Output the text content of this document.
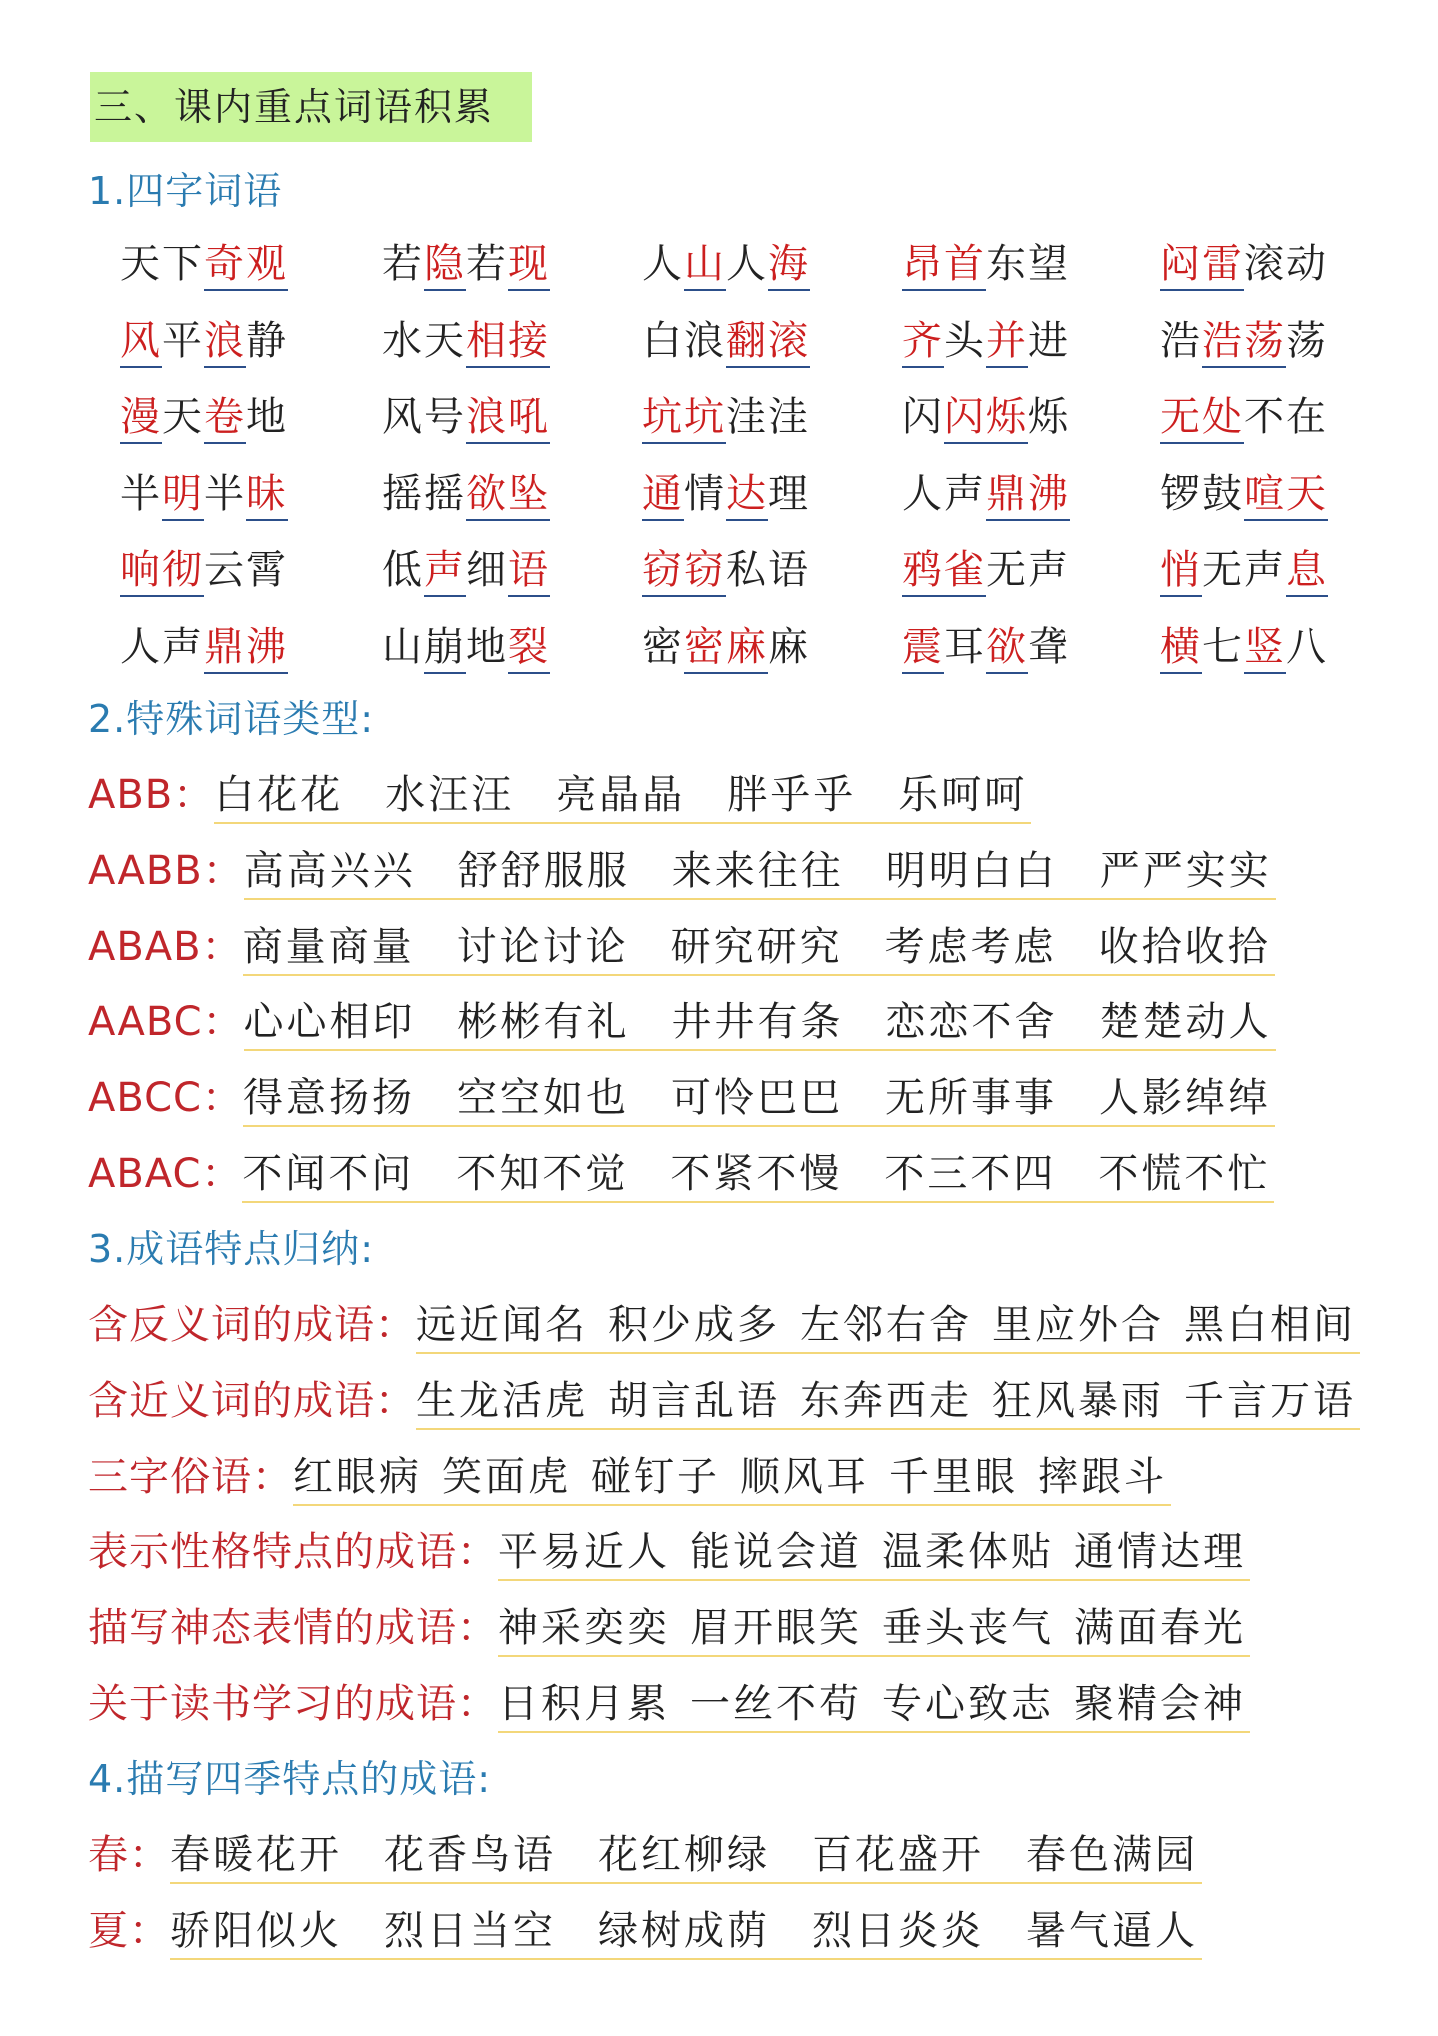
三、课内重点词语积累
1.四字词语
天下奇观 若隐若现 人山人海 昂首东望 闷雷滚动
风平浪静 水天相接 白浪翻滚 齐头并进 浩浩荡荡
漫天卷地 风号浪吼 坑坑洼洼 闪闪烁烁 无处不在
半明半昧 摇摇欲坠 通情达理 人声鼎沸 锣鼓喧天
响彻云霄 低声细语 窃窃私语 鸦雀无声 悄无声息
人声鼎沸 山崩地裂 密密麻麻 震耳欲聋 横七竖八
2.特殊词语类型:
ABB：白花花 水汪汪 亮晶晶 胖乎乎 乐呵呵
AABB：高高兴兴 舒舒服服 来来往往 明明白白 严严实实
ABAB：商量商量 讨论讨论 研究研究 考虑考虑 收拾收拾
AABC：心心相印 彬彬有礼 井井有条 恋恋不舍 楚楚动人
ABCC：得意扬扬 空空如也 可怜巴巴 无所事事 人影绰绰
ABAC：不闻不问 不知不觉 不紧不慢 不三不四 不慌不忙
3.成语特点归纳:
含反义词的成语：远近闻名 积少成多 左邻右舍 里应外合 黑白相间
含近义词的成语：生龙活虎 胡言乱语 东奔西走 狂风暴雨 千言万语
三字俗语：红眼病 笑面虎 碰钉子 顺风耳 千里眼 摔跟斗
表示性格特点的成语：平易近人 能说会道 温柔体贴 通情达理
描写神态表情的成语：神采奕奕 眉开眼笑 垂头丧气 满面春光
关于读书学习的成语：日积月累 一丝不苟 专心致志 聚精会神
4.描写四季特点的成语:
春：春暖花开 花香鸟语 花红柳绿 百花盛开 春色满园
夏：骄阳似火 烈日当空 绿树成荫 烈日炎炎 暑气逼人
